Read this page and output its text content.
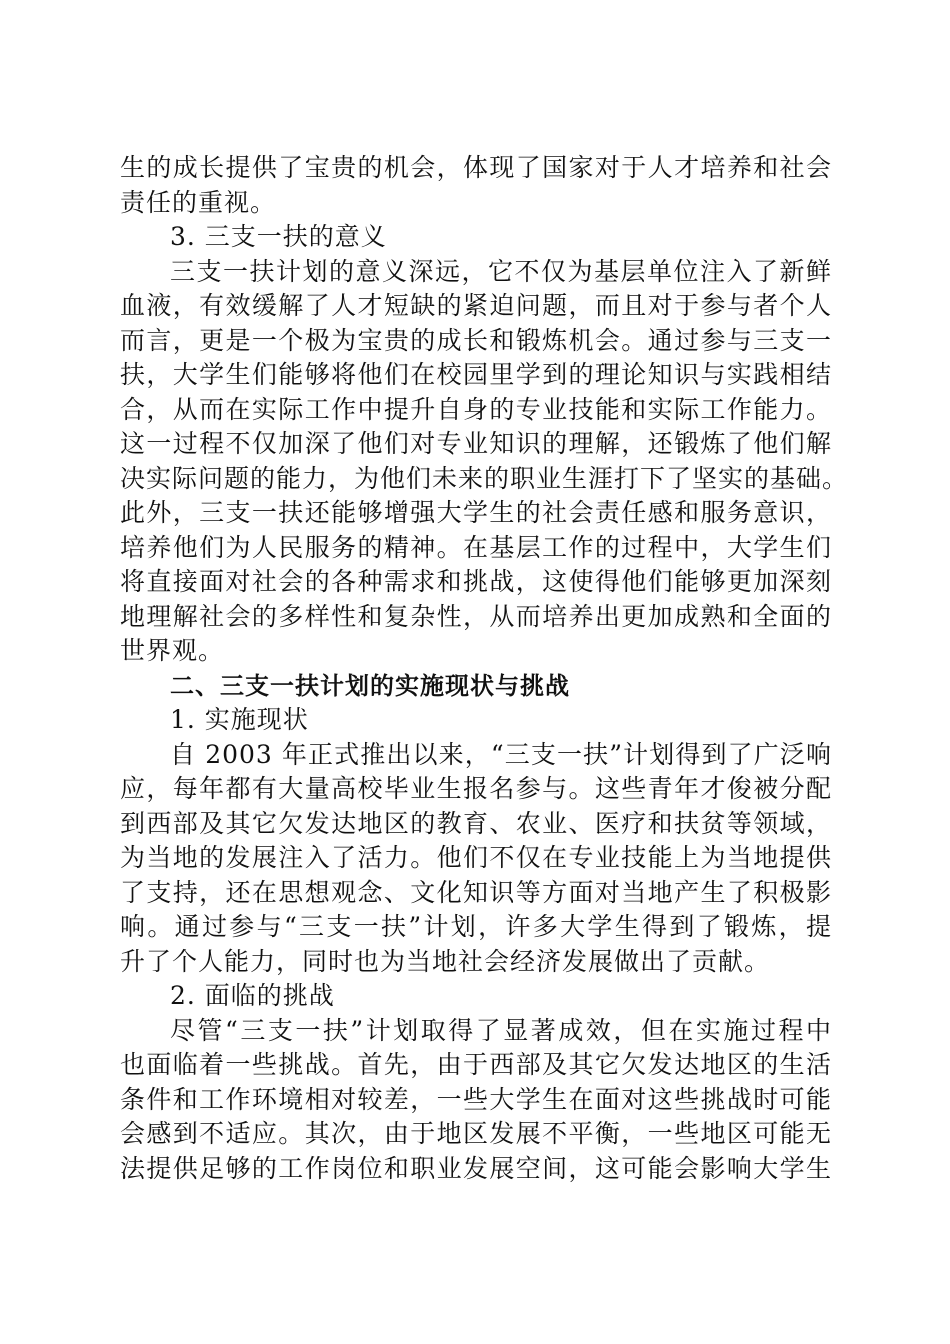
生的成长提供了宝贵的机会，体现了国家对于人才培养和社会
责任的重视。

3. 三支一扶的意义

三支一扶计划的意义深远，它不仅为基层单位注入了新鲜
血液，有效缓解了人才短缺的紧迫问题，而且对于参与者个人
而言，更是一个极为宝贵的成长和锻炼机会。通过参与三支一
扶，大学生们能够将他们在校园里学到的理论知识与实践相结
合，从而在实际工作中提升自身的专业技能和实际工作能力。
这一过程不仅加深了他们对专业知识的理解，还锻炼了他们解
决实际问题的能力，为他们未来的职业生涯打下了坚实的基础。
此外，三支一扶还能够增强大学生的社会责任感和服务意识，
培养他们为人民服务的精神。在基层工作的过程中，大学生们
将直接面对社会的各种需求和挑战，这使得他们能够更加深刻
地理解社会的多样性和复杂性，从而培养出更加成熟和全面的
世界观。

二、三支一扶计划的实施现状与挑战

1. 实施现状

自 2003 年正式推出以来，“三支一扶”计划得到了广泛响
应，每年都有大量高校毕业生报名参与。这些青年才俊被分配
到西部及其它欠发达地区的教育、农业、医疗和扶贫等领域，
为当地的发展注入了活力。他们不仅在专业技能上为当地提供
了支持，还在思想观念、文化知识等方面对当地产生了积极影
响。通过参与“三支一扶”计划，许多大学生得到了锻炼，提
升了个人能力，同时也为当地社会经济发展做出了贡献。

2. 面临的挑战

尽管“三支一扶”计划取得了显著成效，但在实施过程中
也面临着一些挑战。首先，由于西部及其它欠发达地区的生活
条件和工作环境相对较差，一些大学生在面对这些挑战时可能
会感到不适应。其次，由于地区发展不平衡，一些地区可能无
法提供足够的工作岗位和职业发展空间，这可能会影响大学生
